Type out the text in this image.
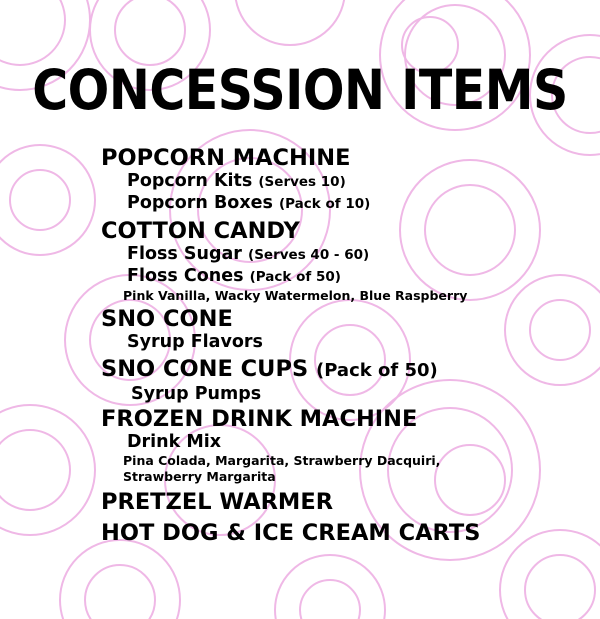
CONCESSION ITEMS
POPCORN MACHINE
Popcorn Kits (Serves 10)
Popcorn Boxes (Pack of 10)
COTTON CANDY
Floss Sugar (Serves 40 - 60)
Floss Cones (Pack of 50)
Pink Vanilla, Wacky Watermelon, Blue Raspberry
SNO CONE
Syrup Flavors
SNO CONE CUPS (Pack of 50)
Syrup Pumps
FROZEN DRINK MACHINE
Drink Mix
Pina Colada, Margarita, Strawberry Dacquiri,
Strawberry Margarita
PRETZEL WARMER
HOT DOG & ICE CREAM CARTS
